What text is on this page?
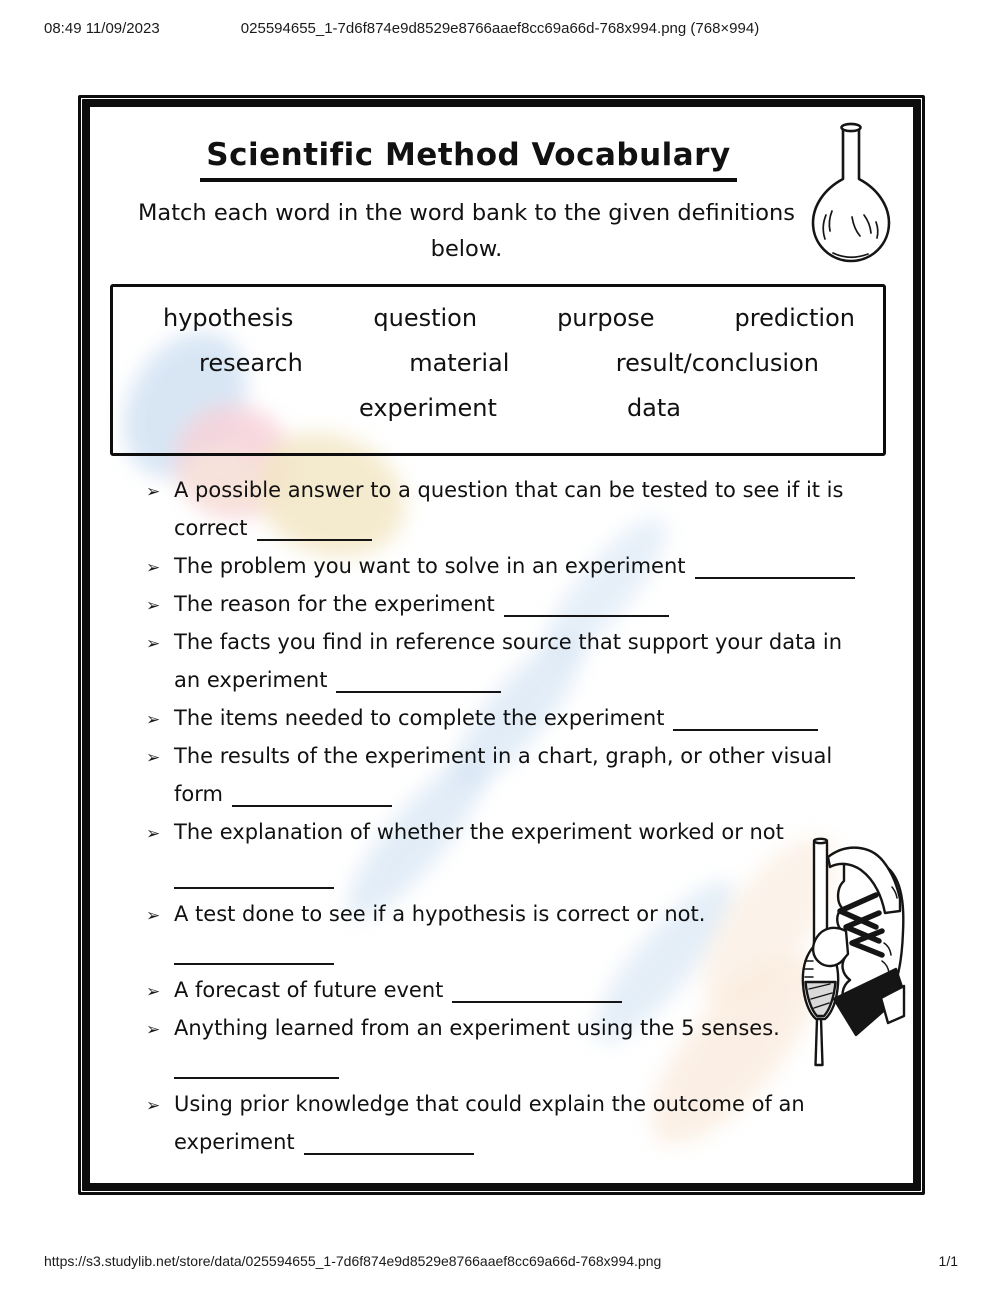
08:49 11/09/2023	025594655_1-7d6f874e9d8529e8766aaef8cc69a66d-768x994.png (768×994)
https://s3.studylib.net/store/data/025594655_1-7d6f874e9d8529e8766aaef8cc69a66d-768x994.png	1/1
Scientific Method Vocabulary
Match each word in the word bank to the given definitions
below.
hypothesis	question	purpose	prediction
research	material	result/conclusion
experiment	data
➢ A possible answer to a question that can be tested to see if it is
correct
➢ The problem you want to solve in an experiment
➢ The reason for the experiment
➢ The facts you find in reference source that support your data in
an experiment
➢ The items needed to complete the experiment
➢ The results of the experiment in a chart, graph, or other visual
form
➢ The explanation of whether the experiment worked or not
➢ A test done to see if a hypothesis is correct or not.
➢ A forecast of future event
➢ Anything learned from an experiment using the 5 senses.
➢ Using prior knowledge that could explain the outcome of an
experiment
